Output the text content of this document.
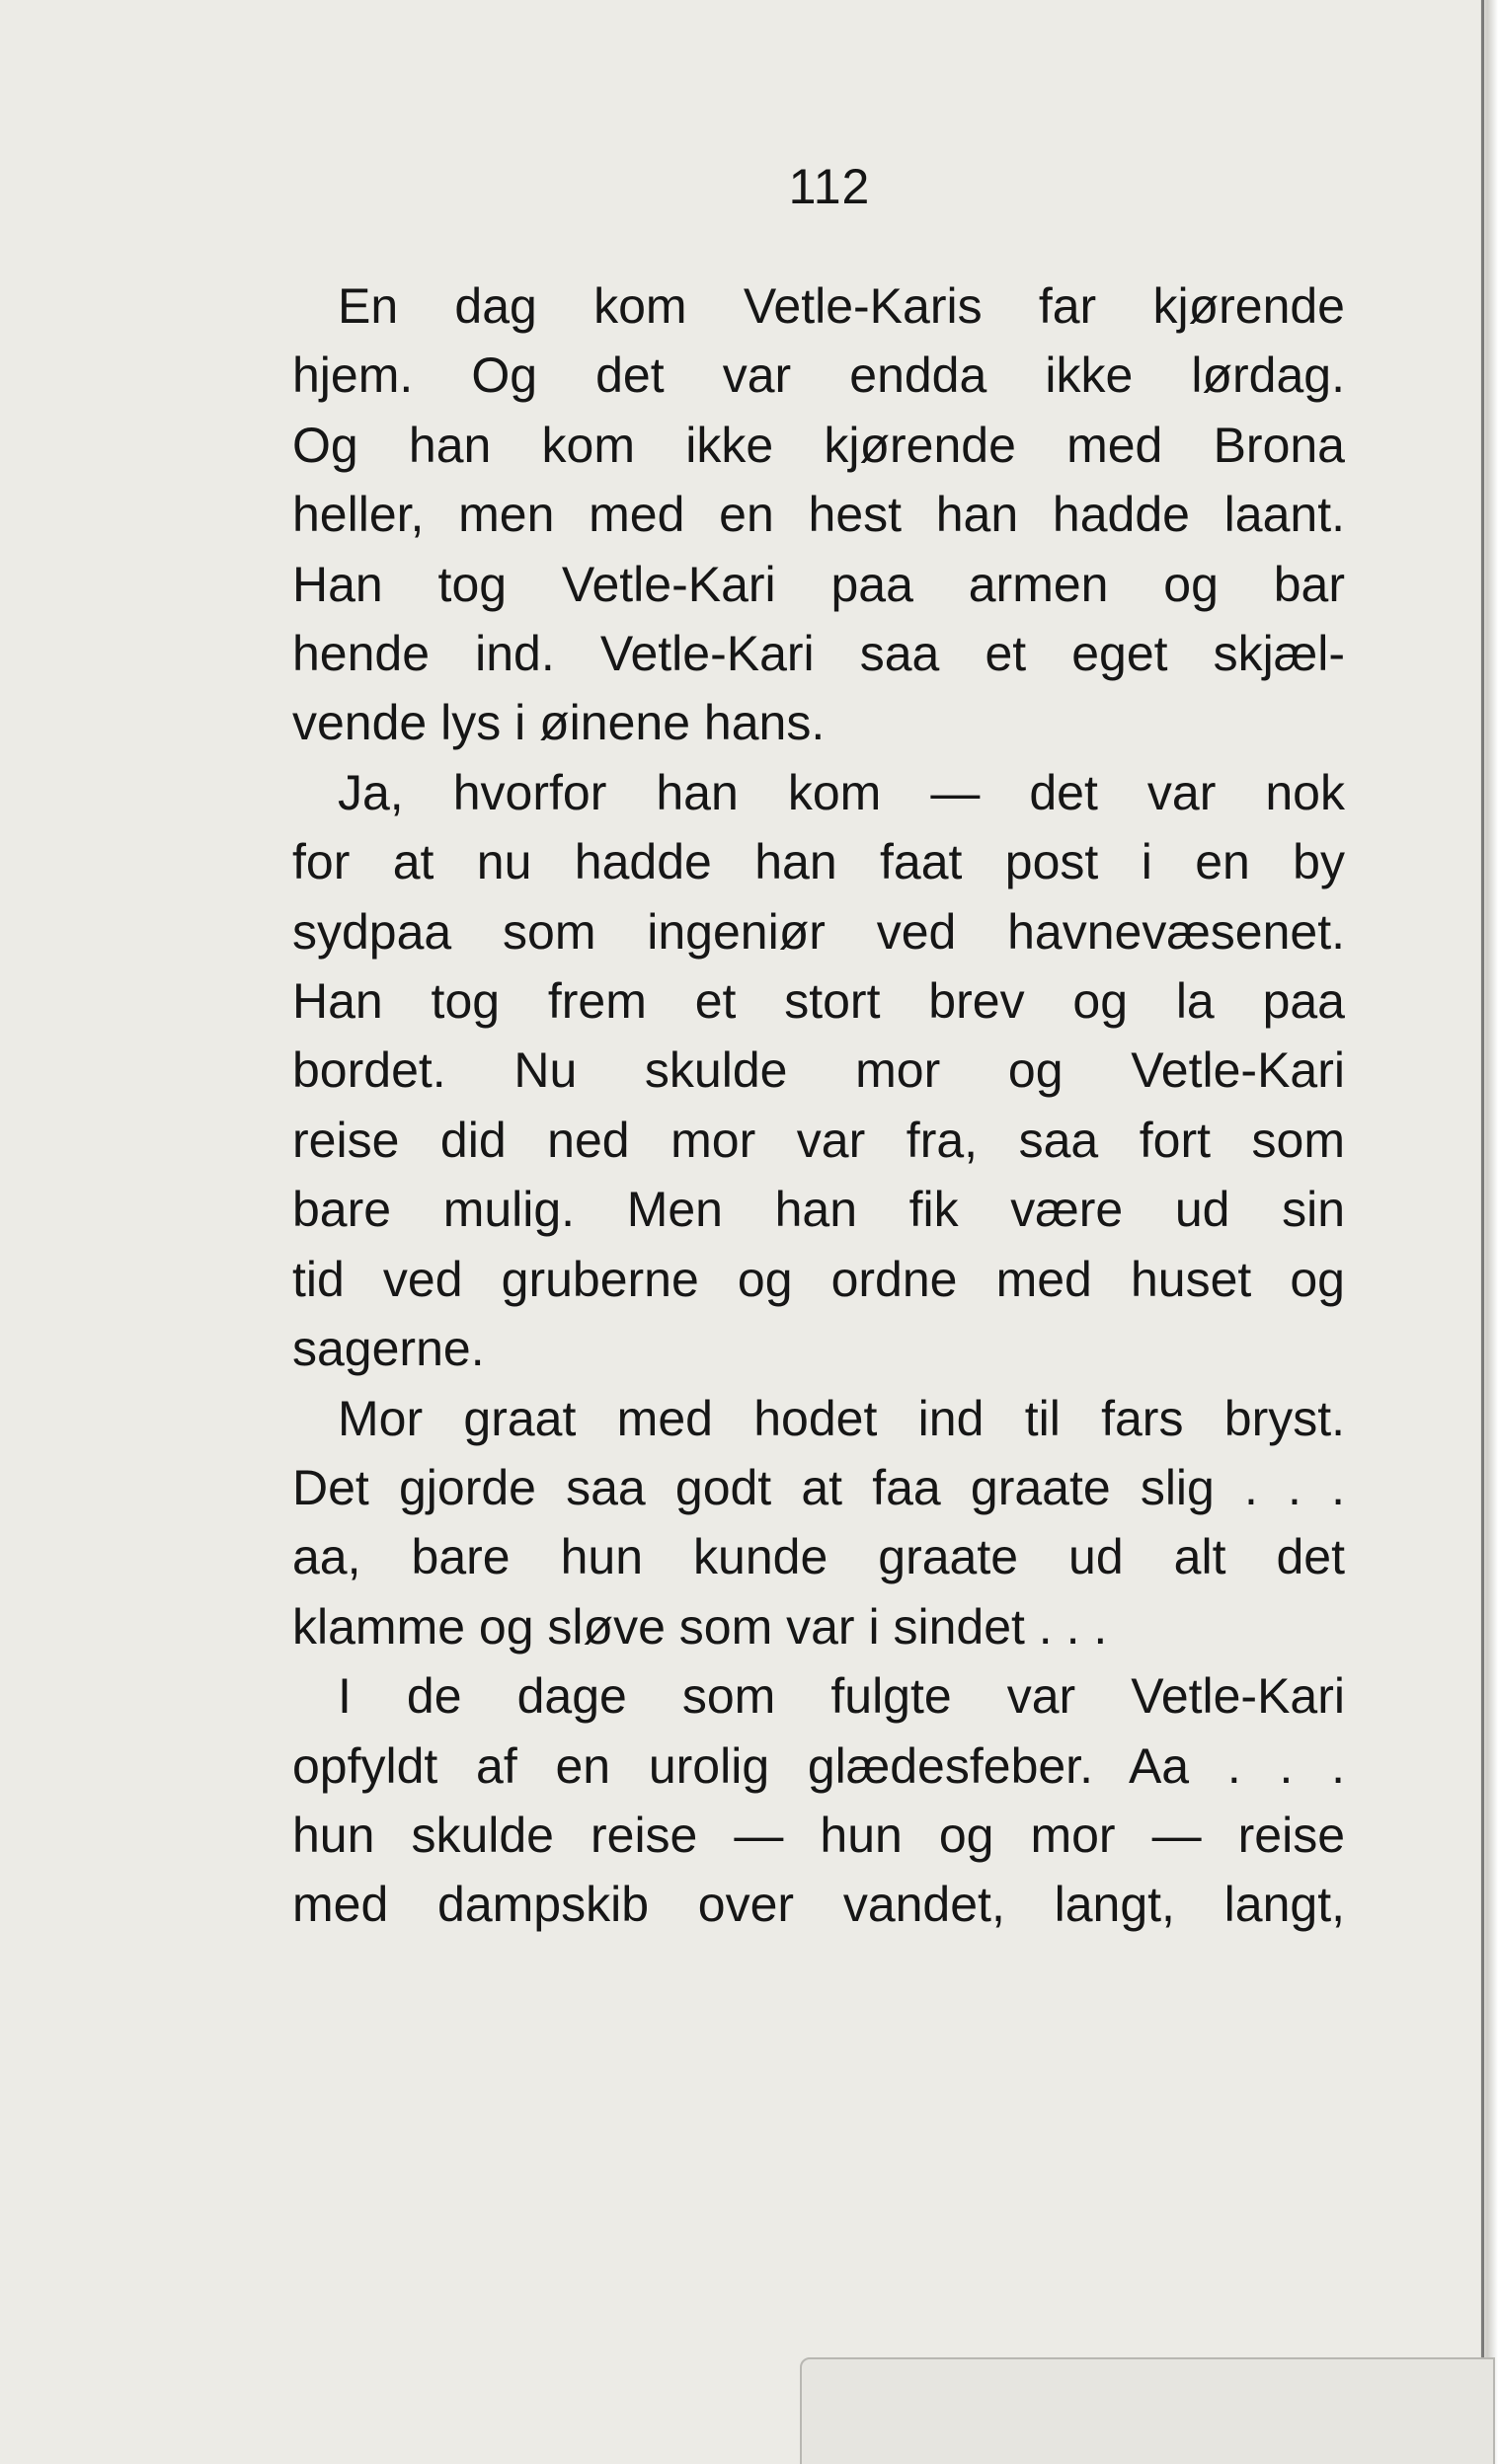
112
En dag kom Vetle-Karis far kjørende
hjem. Og det var endda ikke lørdag.
Og han kom ikke kjørende med Brona
heller, men med en hest han hadde laant.
Han tog Vetle-Kari paa armen og bar
hende ind. Vetle-Kari saa et eget skjæl-
vende lys i øinene hans.
Ja, hvorfor han kom — det var nok
for at nu hadde han faat post i en by
sydpaa som ingeniør ved havnevæsenet.
Han tog frem et stort brev og la paa
bordet. Nu skulde mor og Vetle-Kari
reise did ned mor var fra, saa fort som
bare mulig. Men han fik være ud sin
tid ved gruberne og ordne med huset og
sagerne.
Mor graat med hodet ind til fars bryst.
Det gjorde saa godt at faa graate slig . . .
aa, bare hun kunde graate ud alt det
klamme og sløve som var i sindet . . .
I de dage som fulgte var Vetle-Kari
opfyldt af en urolig glædesfeber. Aa . . .
hun skulde reise — hun og mor — reise
med dampskib over vandet, langt, langt,
